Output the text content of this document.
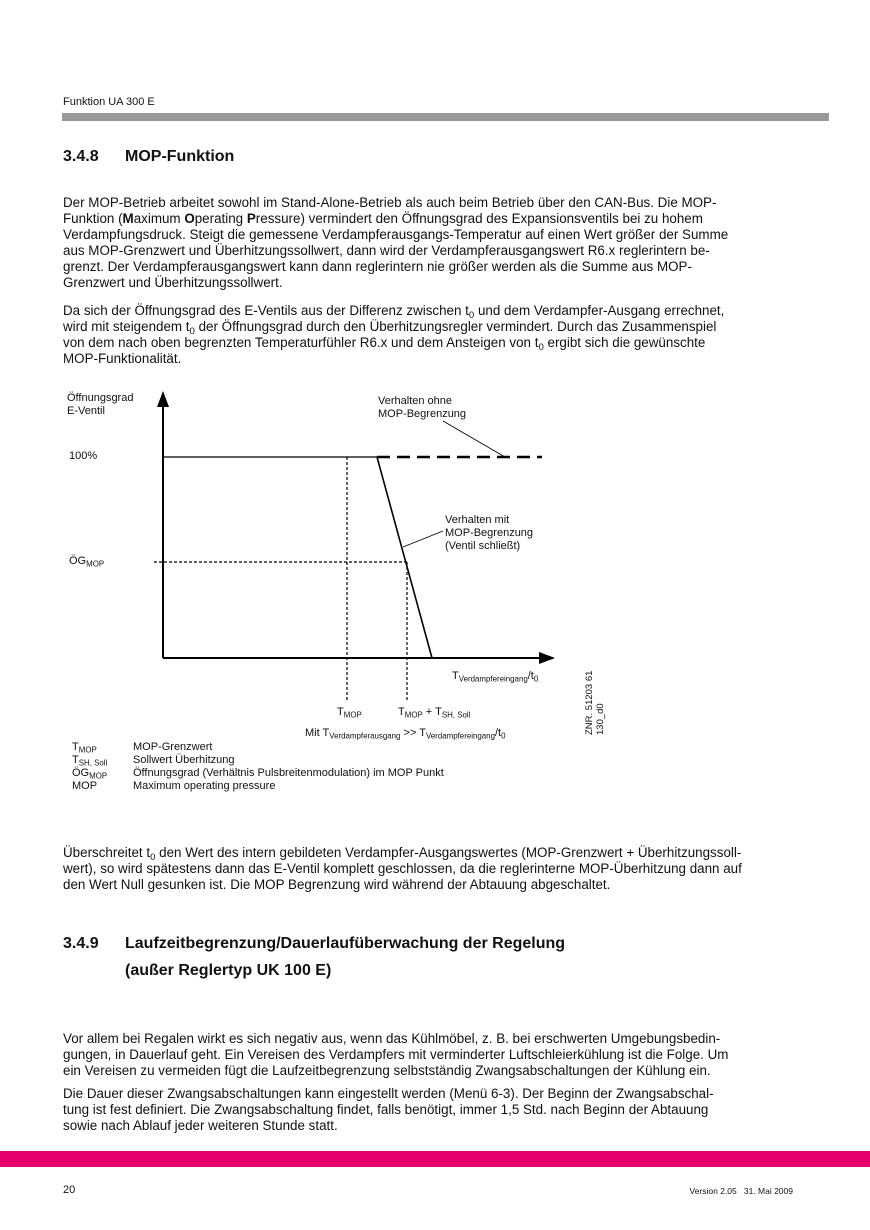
Funktion UA 300 E
3.4.8 MOP-Funktion
Der MOP-Betrieb arbeitet sowohl im Stand-Alone-Betrieb als auch beim Betrieb über den CAN-Bus. Die MOP-
Funktion (Maximum Operating Pressure) vermindert den Öffnungsgrad des Expansionsventils bei zu hohem
Verdampfungsdruck. Steigt die gemessene Verdampferausgangs-Temperatur auf einen Wert größer der Summe
aus MOP-Grenzwert und Überhitzungssollwert, dann wird der Verdampferausgangswert R6.x reglerintern be-
grenzt. Der Verdampferausgangswert kann dann reglerintern nie größer werden als die Summe aus MOP-
Grenzwert und Überhitzungssollwert.
Da sich der Öffnungsgrad des E-Ventils aus der Differenz zwischen $t_0$ und dem Verdampfer-Ausgang errechnet,
wird mit steigendem $t_0$ der Öffnungsgrad durch den Überhitzungsregler vermindert. Durch das Zusammenspiel
von dem nach oben begrenzten Temperaturfühler R6.x und dem Ansteigen von $t_0$ ergibt sich die gewünschte
MOP-Funktionalität.
Öffnungsgrad
E-Ventil
100%
$ÖG_{MOP}$
Verhalten ohne
MOP-Begrenzung
Verhalten mit
MOP-Begrenzung
(Ventil schließt)
$T_{Verdampfereingang}/t_0$
$T_{MOP}$	$T_{MOP} + T_{SH, Soll}$
Mit $T_{Verdampferausgang} >> T_{Verdampfereingang}/t_0$
ZNR. 51203 61 130_d0
$T_{MOP}$	MOP-Grenzwert
$T_{SH, Soll}$	Sollwert Überhitzung
$ÖG_{MOP}$	Öffnungsgrad (Verhältnis Pulsbreitenmodulation) im MOP Punkt
MOP	Maximum operating pressure
Überschreitet $t_0$ den Wert des intern gebildeten Verdampfer-Ausgangswertes (MOP-Grenzwert + Überhitzungssoll-
wert), so wird spätestens dann das E-Ventil komplett geschlossen, da die reglerinterne MOP-Überhitzung dann auf
den Wert Null gesunken ist. Die MOP Begrenzung wird während der Abtauung abgeschaltet.
3.4.9 Laufzeitbegrenzung/Dauerlaufüberwachung der Regelung
(außer Reglertyp UK 100 E)
Vor allem bei Regalen wirkt es sich negativ aus, wenn das Kühlmöbel, z. B. bei erschwerten Umgebungsbedin-
gungen, in Dauerlauf geht. Ein Vereisen des Verdampfers mit verminderter Luftschleierkühlung ist die Folge. Um
ein Vereisen zu vermeiden fügt die Laufzeitbegrenzung selbstständig Zwangsabschaltungen der Kühlung ein.
Die Dauer dieser Zwangsabschaltungen kann eingestellt werden (Menü 6-3). Der Beginn der Zwangsabschal-
tung ist fest definiert. Die Zwangsabschaltung findet, falls benötigt, immer 1,5 Std. nach Beginn der Abtauung
sowie nach Ablauf jeder weiteren Stunde statt.
20	Version 2.05   31. Mai 2009
